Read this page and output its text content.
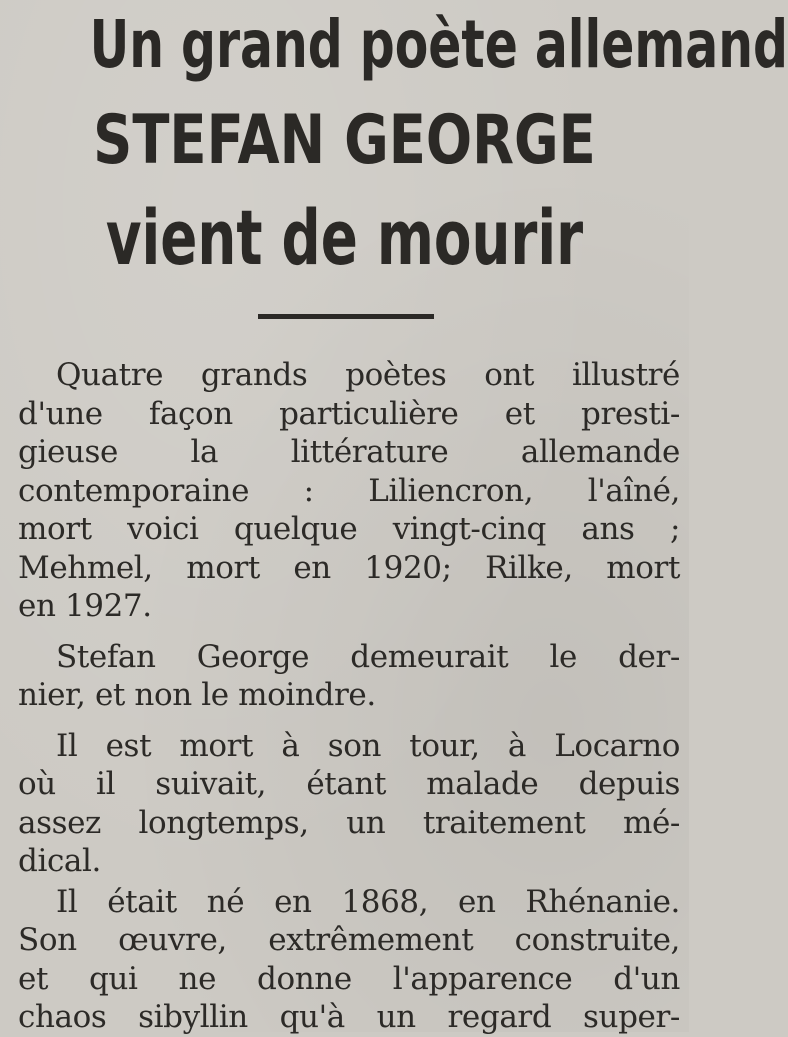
Un grand poète allemand
STEFAN GEORGE
vient de mourir
Quatre grands poètes ont illustré
d'une façon particulière et presti-
gieuse la littérature allemande
contemporaine : Liliencron, l'aîné,
mort voici quelque vingt-cinq ans ;
Mehmel, mort en 1920; Rilke, mort
en 1927.
Stefan George demeurait le der-
nier, et non le moindre.
Il est mort à son tour, à Locarno
où il suivait, étant malade depuis
assez longtemps, un traitement mé-
dical.
Il était né en 1868, en Rhénanie.
Son œuvre, extrêmement construite,
et qui ne donne l'apparence d'un
chaos sibyllin qu'à un regard super-
